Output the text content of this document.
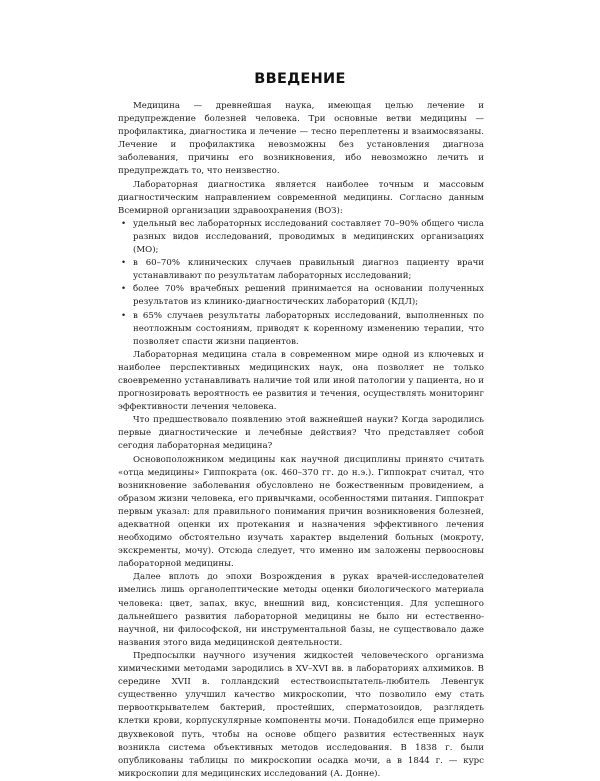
ВВЕДЕНИЕ

Медицина — древнейшая наука, имеющая целью лечение и предупреждение болезней человека. Три основные ветви медицины — профилактика, диагностика и лечение — тесно переплетены и взаимосвязаны. Лечение и профилактика невозможны без установления диагноза заболевания, причины его возникновения, ибо невозможно лечить и предупреждать то, что неизвестно.

Лабораторная диагностика является наиболее точным и массовым диагностическим направлением современной медицины. Согласно данным Всемирной организации здравоохранения (ВОЗ):

• удельный вес лабораторных исследований составляет 70–90% общего числа разных видов исследований, проводимых в медицинских организациях (МО);
• в 60–70% клинических случаев правильный диагноз пациенту врачи устанавливают по результатам лабораторных исследований;
• более 70% врачебных решений принимается на основании полученных результатов из клинико-диагностических лабораторий (КДЛ);
• в 65% случаев результаты лабораторных исследований, выполненных по неотложным состояниям, приводят к коренному изменению терапии, что позволяет спасти жизни пациентов.

Лабораторная медицина стала в современном мире одной из ключевых и наиболее перспективных медицинских наук, она позволяет не только своевременно устанавливать наличие той или иной патологии у пациента, но и прогнозировать вероятность ее развития и течения, осуществлять мониторинг эффективности лечения человека.

Что предшествовало появлению этой важнейшей науки? Когда зародились первые диагностические и лечебные действия? Что представляет собой сегодня лабораторная медицина?

Основоположником медицины как научной дисциплины принято считать «отца медицины» Гиппократа (ок. 460–370 гг. до н.э.). Гиппократ считал, что возникновение заболевания обусловлено не божественным провидением, а образом жизни человека, его привычками, особенностями питания. Гиппократ первым указал: для правильного понимания причин возникновения болезней, адекватной оценки их протекания и назначения эффективного лечения необходимо обстоятельно изучать характер выделений больных (мокроту, экскременты, мочу). Отсюда следует, что именно им заложены первоосновы лабораторной медицины.

Далее вплоть до эпохи Возрождения в руках врачей-исследователей имелись лишь органолептические методы оценки биологического материала человека: цвет, запах, вкус, внешний вид, консистенция. Для успешного дальнейшего развития лабораторной медицины не было ни естественно-научной, ни философской, ни инструментальной базы, не существовало даже названия этого вида медицинской деятельности.

Предпосылки научного изучения жидкостей человеческого организма химическими методами зародились в XV–XVI вв. в лабораториях алхимиков. В середине XVII в. голландский естествоиспытатель-любитель Левенгук существенно улучшил качество микроскопии, что позволило ему стать первооткрывателем бактерий, простейших, сперматозоидов, разглядеть клетки крови, корпускулярные компоненты мочи. Понадобился еще примерно двухвековой путь, чтобы на основе общего развития естественных наук возникла система объективных методов исследования. В 1838 г. были опубликованы таблицы по микроскопии осадка мочи, а в 1844 г. — курс микроскопии для медицинских исследований (А. Донне).
